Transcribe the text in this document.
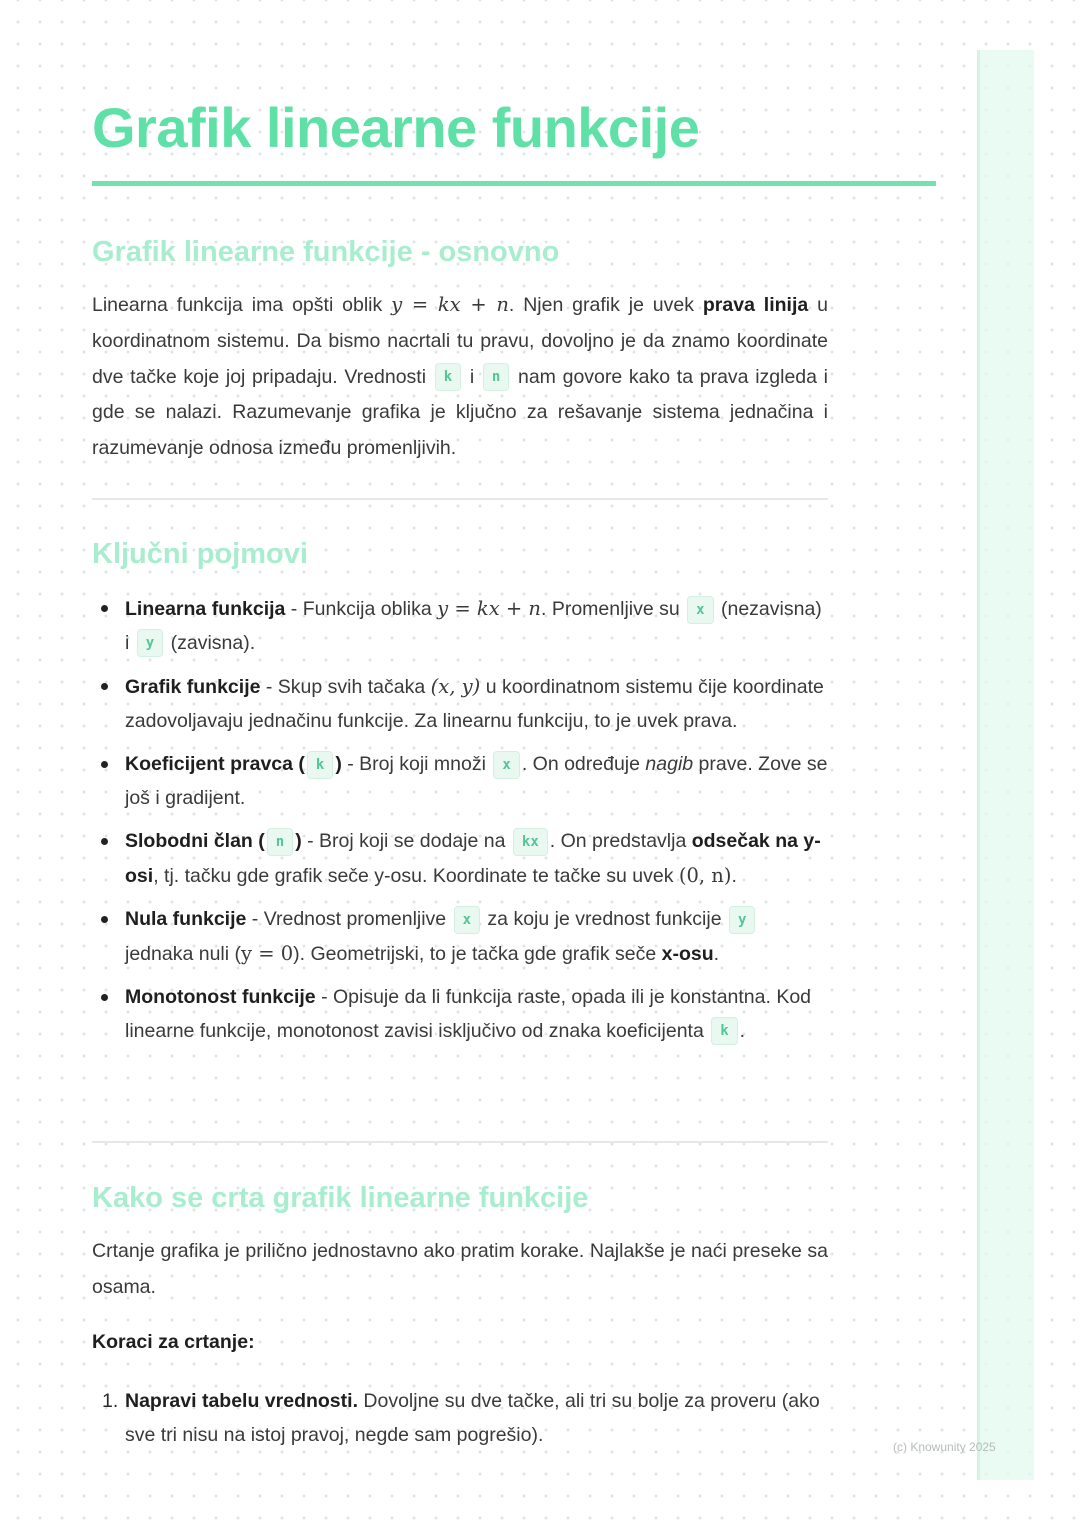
Grafik linearne funkcije
Grafik linearne funkcije - osnovno

Linearna funkcija ima opšti oblik y = kx + n. Njen grafik je uvek prava linija u koordinatnom sistemu. Da bismo nacrtali tu pravu, dovoljno je da znamo koordinate dve tačke koje joj pripadaju. Vrednosti k i n nam govore kako ta prava izgleda i gde se nalazi. Razumevanje grafika je ključno za rešavanje sistema jednačina i razumevanje odnosa između promenljivih.

Ključni pojmovi
Linearna funkcija - Funkcija oblika y = kx + n. Promenljive su x (nezavisna) i y (zavisna).
Grafik funkcije - Skup svih tačaka (x, y) u koordinatnom sistemu čije koordinate zadovoljavaju jednačinu funkcije. Za linearnu funkciju, to je uvek prava.
Koeficijent pravca ( k ) - Broj koji množi x . On određuje nagib prave. Zove se još i gradijent.
Slobodni član ( n ) - Broj koji se dodaje na kx . On predstavlja odsečak na y-osi, tj. tačku gde grafik seče y-osu. Koordinate te tačke su uvek (0, n).
Nula funkcije - Vrednost promenljive x za koju je vrednost funkcije y jednaka nuli (y = 0). Geometrijski, to je tačka gde grafik seče x-osu.
Monotonost funkcije - Opisuje da li funkcija raste, opada ili je konstantna. Kod linearne funkcije, monotonost zavisi isključivo od znaka koeficijenta k .
Kako se crta grafik linearne funkcije

Crtanje grafika je prilično jednostavno ako pratim korake. Najlakše je naći preseke sa osama.

Koraci za crtanje:
1. Napravi tabelu vrednosti. Dovoljne su dve tačke, ali tri su bolje za proveru (ako sve tri nisu na istoj pravoj, negde sam pogrešio).
(c) Knowunity 2025
